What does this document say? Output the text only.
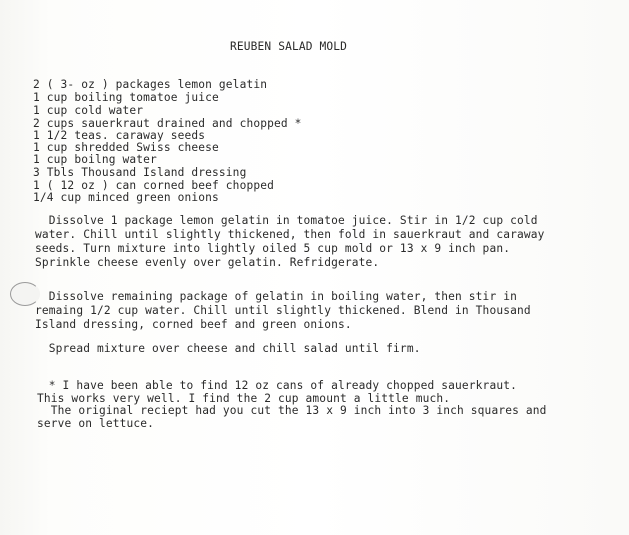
REUBEN SALAD MOLD
2 ( 3- oz ) packages lemon gelatin
1 cup boiling tomatoe juice
1 cup cold water
2 cups sauerkraut drained and chopped *
1 1/2 teas. caraway seeds
1 cup shredded Swiss cheese
1 cup boilng water
3 Tbls Thousand Island dressing
1 ( 12 oz ) can corned beef chopped
1/4 cup minced green onions
Dissolve 1 package lemon gelatin in tomatoe juice. Stir in 1/2 cup cold
water. Chill until slightly thickened, then fold in sauerkraut and caraway
seeds. Turn mixture into lightly oiled 5 cup mold or 13 x 9 inch pan.
Sprinkle cheese evenly over gelatin. Refridgerate.
Dissolve remaining package of gelatin in boiling water, then stir in
remaing 1/2 cup water. Chill until slightly thickened. Blend in Thousand
Island dressing, corned beef and green onions.
Spread mixture over cheese and chill salad until firm.
* I have been able to find 12 oz cans of already chopped sauerkraut.
This works very well. I find the 2 cup amount a little much.
The original reciept had you cut the 13 x 9 inch into 3 inch squares and
serve on lettuce.
